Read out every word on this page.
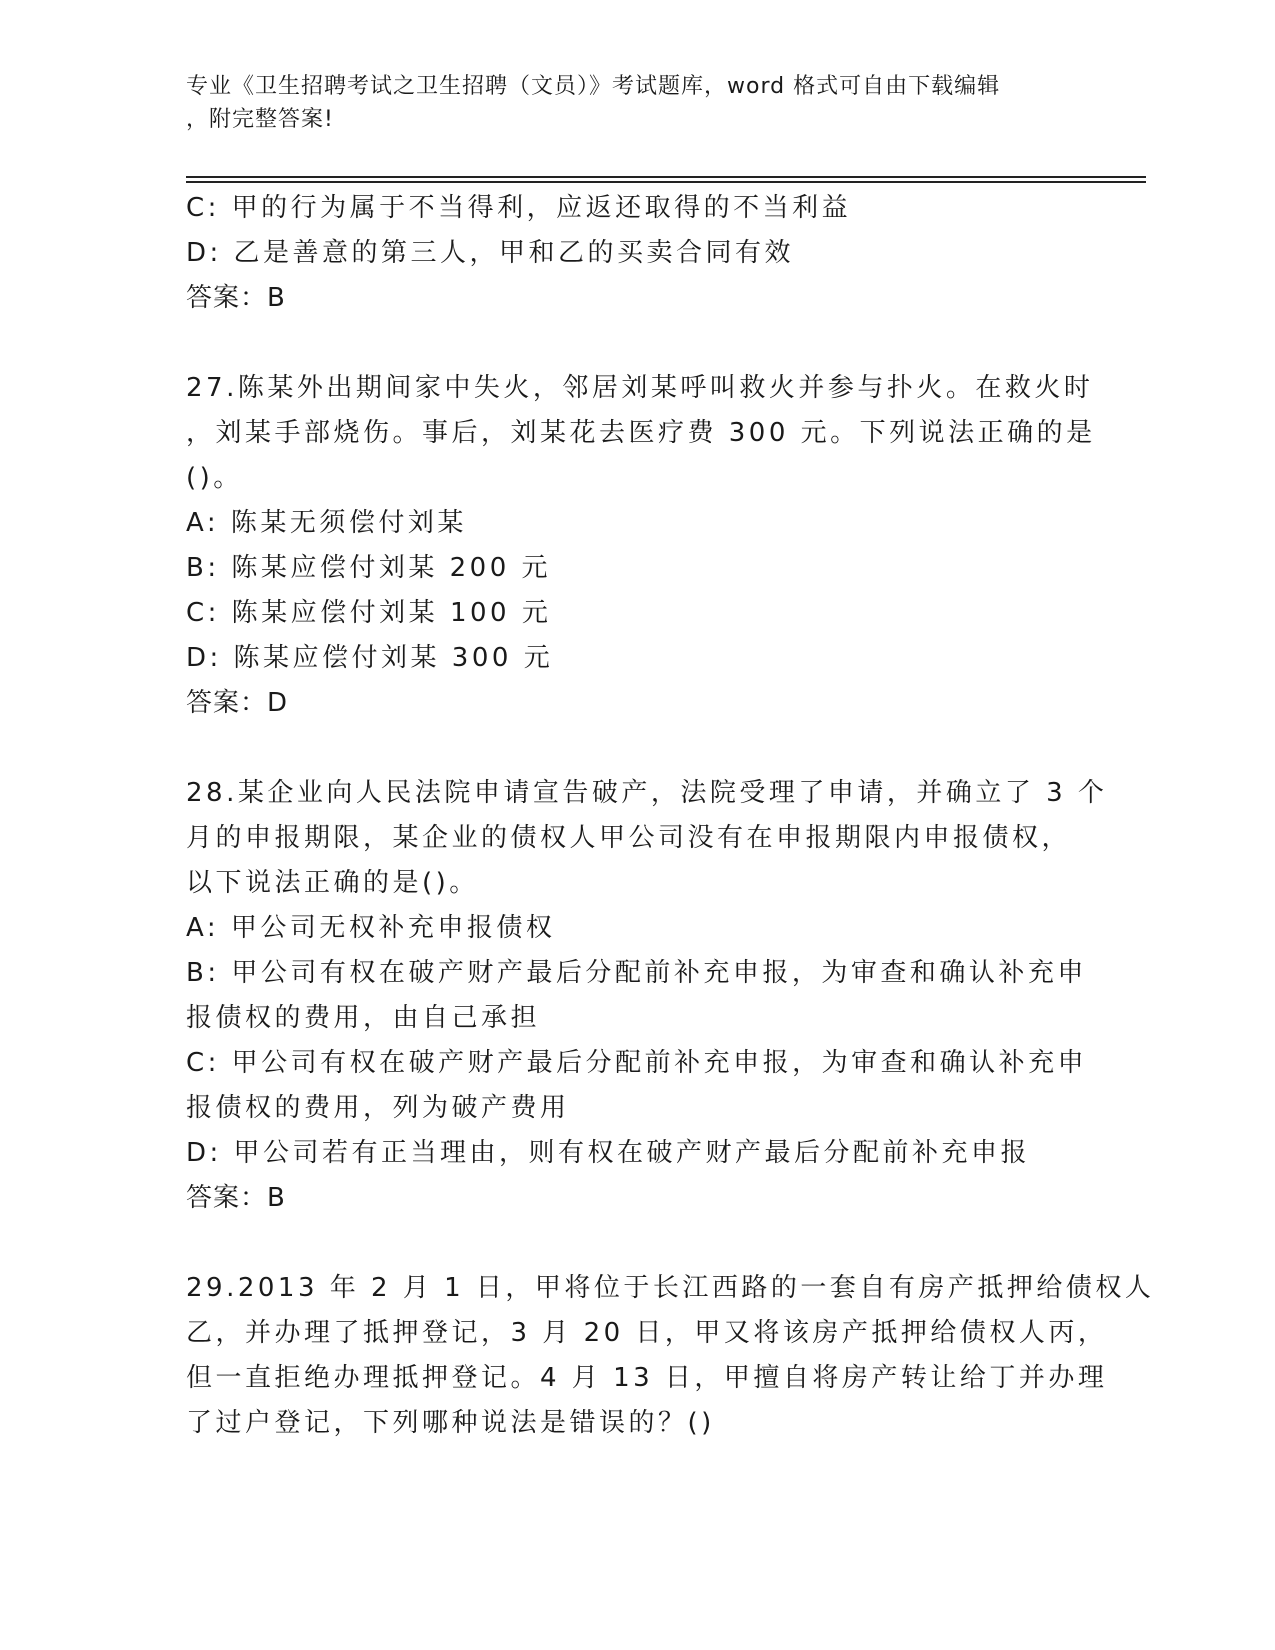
专业《卫生招聘考试之卫生招聘（文员）》考试题库，word 格式可自由下载编辑
，附完整答案!
C: 甲的行为属于不当得利，应返还取得的不当利益
D: 乙是善意的第三人，甲和乙的买卖合同有效
答案：B
27.陈某外出期间家中失火，邻居刘某呼叫救火并参与扑火。在救火时
，刘某手部烧伤。事后，刘某花去医疗费 300 元。下列说法正确的是
()。
A: 陈某无须偿付刘某
B: 陈某应偿付刘某 200 元
C: 陈某应偿付刘某 100 元
D: 陈某应偿付刘某 300 元
答案：D
28.某企业向人民法院申请宣告破产，法院受理了申请，并确立了 3 个
月的申报期限，某企业的债权人甲公司没有在申报期限内申报债权，
以下说法正确的是()。
A: 甲公司无权补充申报债权
B: 甲公司有权在破产财产最后分配前补充申报，为审查和确认补充申
报债权的费用，由自己承担
C: 甲公司有权在破产财产最后分配前补充申报，为审查和确认补充申
报债权的费用，列为破产费用
D: 甲公司若有正当理由，则有权在破产财产最后分配前补充申报
答案：B
29.2013 年 2 月 1 日，甲将位于长江西路的一套自有房产抵押给债权人
乙，并办理了抵押登记，3 月 20 日，甲又将该房产抵押给债权人丙，
但一直拒绝办理抵押登记。4 月 13 日，甲擅自将房产转让给丁并办理
了过户登记，下列哪种说法是错误的？()
